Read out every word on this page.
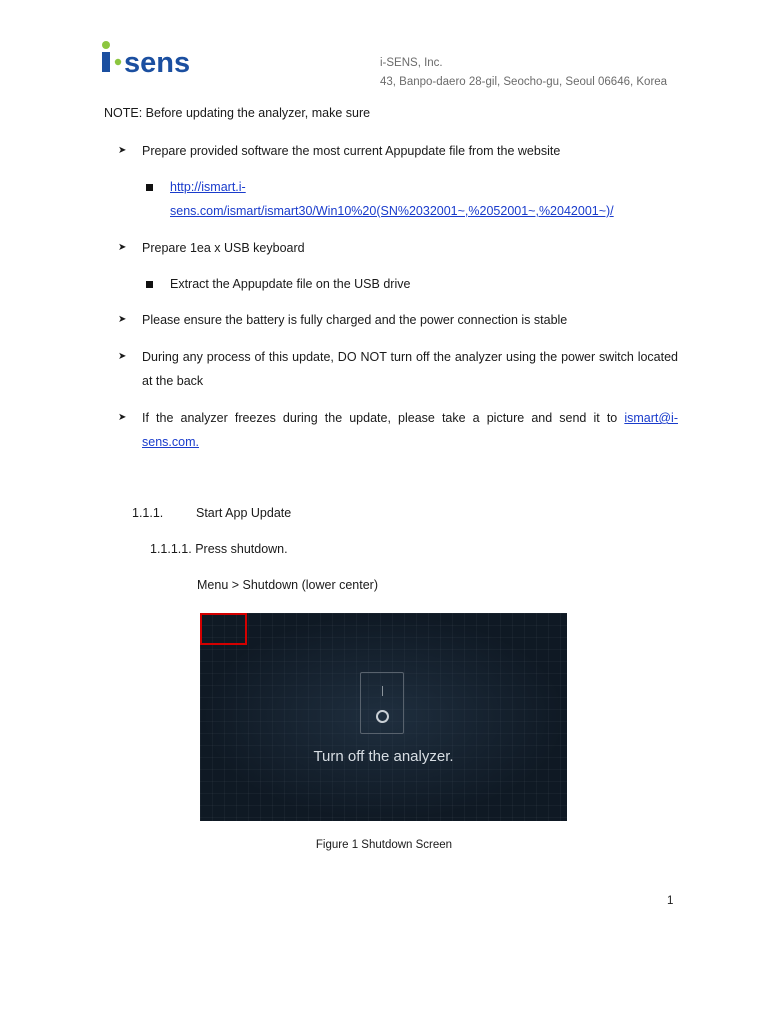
sens	i-SENS, Inc.
43, Banpo-daero 28-gil, Seocho-gu, Seoul 06646, Korea
NOTE: Before updating the analyzer, make sure
➤	Prepare provided software the most current Appupdate file from the website
http://ismart.i-
sens.com/ismart/ismart30/Win10%20(SN%2032001~,%2052001~,%2042001~)/
➤	Prepare 1ea x USB keyboard
Extract the Appupdate file on the USB drive
➤	Please ensure the battery is fully charged and the power connection is stable
➤	During any process of this update, DO NOT turn off the analyzer using the power switch located at the back
➤	If the analyzer freezes during the update, please take a picture and send it to ismart@i-sens.com.
1.1.1.	Start App Update
1.1.1.1. Press shutdown.
Menu > Shutdown (lower center)
Turn off the analyzer.
Figure 1 Shutdown Screen
1
